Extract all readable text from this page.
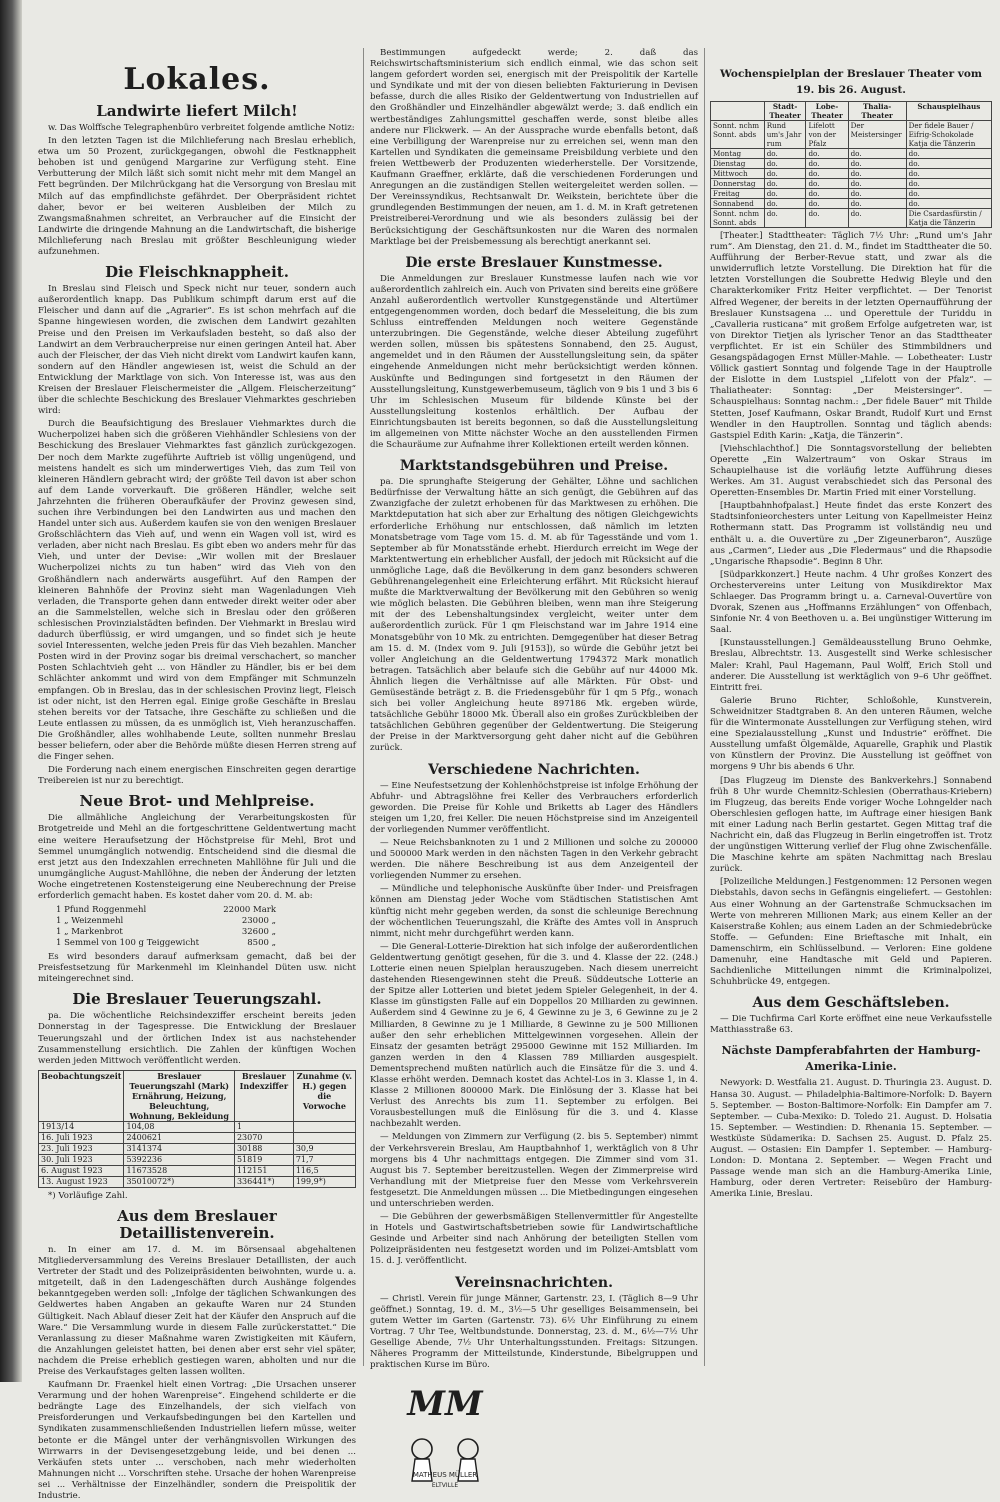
Lokales.
Landwirte liefert Milch!

w. Das Wolffsche Telegraphenbüro verbreitet folgende amtliche Notiz:

In den letzten Tagen ist die Milchlieferung nach Breslau erheblich, etwa um 50 Prozent, zurückgegangen, obwohl die Festknappheit behoben ist und genügend Margarine zur Verfügung steht. Eine Verbutterung der Milch läßt sich somit nicht mehr mit dem Mangel an Fett begründen. Der Milchrückgang hat die Versorgung von Breslau mit Milch auf das empfindlichste gefährdet. Der Oberpräsident richtet daher, bevor er bei weiteren Ausbleiben der Milch zu Zwangsmaßnahmen schreitet, an Verbraucher auf die Einsicht der Landwirte die dringende Mahnung an die Landwirtschaft, die bisherige Milchlieferung nach Breslau mit größter Beschleunigung wieder aufzunehmen.

Die Fleischknappheit.

In Breslau sind Fleisch und Speck nicht nur teuer, sondern auch außerordentlich knapp. Das Publikum schimpft darum erst auf die Fleischer und dann auf die „Agrarier“. Es ist schon mehrfach auf die Spanne hingewiesen worden, die zwischen dem Landwirt gezahlten Preise und den Preisen im Verkaufsladen besteht, so daß also der Landwirt an dem Verbraucherpreise nur einen geringen Anteil hat. Aber auch der Fleischer, der das Vieh nicht direkt vom Landwirt kaufen kann, sondern auf den Händler angewiesen ist, weist die Schuld an der Entwicklung der Marktlage von sich. Von Interesse ist, was aus den Kreisen der Breslauer Fleischermeister die „Allgem. Fleischerzeitung“ über die schlechte Beschickung des Breslauer Viehmarktes geschrieben wird:

Durch die Beaufsichtigung des Breslauer Viehmarktes durch die Wucherpolizei haben sich die größeren Viehhändler Schlesiens von der Beschickung des Breslauer Viehmarktes fast gänzlich zurückgezogen. Der noch dem Markte zugeführte Auftrieb ist völlig ungenügend, und meistens handelt es sich um minderwertiges Vieh, das zum Teil von kleineren Händlern gebracht wird; der größte Teil davon ist aber schon auf dem Lande vorverkauft. Die größeren Händler, welche seit Jahrzehnten die früheren Oberaufkäufer der Provinz gewesen sind, suchen ihre Verbindungen bei den Landwirten aus und machen den Handel unter sich aus. Außerdem kaufen sie von den wenigen Breslauer Großschlächtern das Vieh auf, und wenn ein Wagen voll ist, wird es verladen, aber nicht nach Breslau. Es gibt eben wo anders mehr für das Vieh, und unter der Devise: „Wir wollen mit der Breslauer Wucherpolizei nichts zu tun haben“ wird das Vieh von den Großhändlern nach anderwärts ausgeführt. Auf den Rampen der kleineren Bahnhöfe der Provinz sieht man Wagenladungen Vieh verladen, die Transporte gehen dann entweder direkt weiter oder aber an die Sammelstellen, welche sich in Breslau oder den größeren schlesischen Provinzialstädten befinden. Der Viehmarkt in Breslau wird dadurch überflüssig, er wird umgangen, und so findet sich je heute soviel Interessenten, welche jeden Preis für das Vieh bezahlen. Mancher Posten wird in der Provinz sogar bis dreimal verschachert, so mancher Posten Schlachtvieh geht ... von Händler zu Händler, bis er bei dem Schlächter ankommt und wird von dem Empfänger mit Schmunzeln empfangen. Ob in Breslau, das in der schlesischen Provinz liegt, Fleisch ist oder nicht, ist den Herren egal. Einige große Geschäfte in Breslau stehen bereits vor der Tatsache, ihre Geschäfte zu schließen und die Leute entlassen zu müssen, da es unmöglich ist, Vieh heranzuschaffen. Die Großhändler, alles wohlhabende Leute, sollten nunmehr Breslau besser beliefern, oder aber die Behörde müßte diesen Herren streng auf die Finger sehen.

Die Forderung nach einem energischen Einschreiten gegen derartige Treibereien ist nur zu berechtigt.

Neue Brot- und Mehlpreise.

Die allmähliche Angleichung der Verarbeitungskosten für Brotgetreide und Mehl an die fortgeschrittene Geldentwertung macht eine weitere Heraufsetzung der Höchstpreise für Mehl, Brot und Semmel unumgänglich notwendig. Entscheidend sind die diesmal die erst jetzt aus den Indexzahlen errechneten Mahllöhne für Juli und die unumgängliche August-Mahllöhne, die neben der Änderung der letzten Woche eingetretenen Kostensteigerung eine Neuberechnung der Preise erforderlich gemacht haben. Es kostet daher vom 20. d. M. ab:

1 Pfund Roggenmehl	22000 Mark
1 „ Weizenmehl	23000 „
1 „ Markenbrot	32600 „
1 Semmel von 100 g Teiggewicht	8500 „

Es wird besonders darauf aufmerksam gemacht, daß bei der Preisfestsetzung für Markenmehl im Kleinhandel Düten usw. nicht miteingerechnet sind.

Die Breslauer Teuerungszahl.

pa. Die wöchentliche Reichsindexziffer erscheint bereits jeden Donnerstag in der Tagespresse. Die Entwicklung der Breslauer Teuerungszahl und der örtlichen Index ist aus nachstehender Zusammenstellung ersichtlich. Die Zahlen der künftigen Wochen werden jeden Mittwoch veröffentlicht werden.

Beobachtungszeit	Breslauer Teuerungszahl (Mark) Ernährung, Heizung, Beleuchtung, Wohnung, Bekleidung	Breslauer Indexziffer	Zunahme (v. H.) gegen die Vorwoche
1913/14	104,08	1	
16. Juli 1923	2400621	23070	
23. Juli 1923	3141374	30188	30,9
30. Juli 1923	5392236	51819	71,7
6. August 1923	11673528	112151	116,5
13. August 1923	35010072*)	336441*)	199,9*)

*) Vorläufige Zahl.

Aus dem Breslauer Detaillistenverein.

n. In einer am 17. d. M. im Börsensaal abgehaltenen Mitgliederversammlung des Vereins Breslauer Detaillisten, der auch Vertreter der Stadt und des Polizeipräsidenten beiwohnten, wurde u. a. mitgeteilt, daß in den Ladengeschäften durch Aushänge folgendes bekanntgegeben werden soll: „Infolge der täglichen Schwankungen des Geldwertes haben Angaben an gekaufte Waren nur 24 Stunden Gültigkeit. Nach Ablauf dieser Zeit hat der Käufer den Anspruch auf die Ware.“ Die Versammlung wurde in diesem Falle zurückerstattet.“ Die Veranlassung zu dieser Maßnahme waren Zwistigkeiten mit Käufern, die Anzahlungen geleistet hatten, bei denen aber erst sehr viel später, nachdem die Preise erheblich gestiegen waren, abholten und nur die Preise des Verkaufstages gelten lassen wollten.

Kaufmann Dr. Fraenkel hielt einen Vortrag: „Die Ursachen unserer Verarmung und der hohen Warenpreise“. Eingehend schilderte er die bedrängte Lage des Einzelhandels, der sich vielfach von Preisforderungen und Verkaufsbedingungen bei den Kartellen und Syndikaten zusammenschließenden Industriellen liefern müsse, weiter betonte er die Mängel unter der verhängnisvollen Wirkungen des Wirrwarrs in der Devisengesetzgebung leide, und bei denen ... Verkäufen stets unter ... verschoben, nach mehr wiederholten Mahnungen nicht ... Vorschriften stehe. Ursache der hohen Warenpreise sei ... Verhältnisse der Einzelhändler, sondern die Preispolitik der Industrie.

Bestimmungen aufgedeckt werde; 2. daß das Reichswirtschaftsministerium sich endlich einmal, wie das schon seit langem gefordert worden sei, energisch mit der Preispolitik der Kartelle und Syndikate und mit der von diesen beliebten Fakturierung in Devisen befasse, durch die alles Risiko der Geldentwertung von Industriellen auf den Großhändler und Einzelhändler abgewälzt werde; 3. daß endlich ein wertbeständiges Zahlungsmittel geschaffen werde, sonst bleibe alles andere nur Flickwerk. — An der Aussprache wurde ebenfalls betont, daß eine Verbilligung der Warenpreise nur zu erreichen sei, wenn man den Kartellen und Syndikaten die gemeinsame Preisbildung verbiete und den freien Wettbewerb der Produzenten wiederherstelle. Der Vorsitzende, Kaufmann Graeffner, erklärte, daß die verschiedenen Forderungen und Anregungen an die zuständigen Stellen weitergeleitet werden sollen. — Der Vereinssyndikus, Rechtsanwalt Dr. Weikstein, berichtete über die grundlegenden Bestimmungen der neuen, am 1. d. M. in Kraft getretenen Preistreiberei-Verordnung und wie als besonders zulässig bei der Berücksichtigung der Geschäftsunkosten nur die Waren des normalen Marktlage bei der Preisbemessung als berechtigt anerkannt sei.

Die erste Breslauer Kunstmesse.

Die Anmeldungen zur Breslauer Kunstmesse laufen nach wie vor außerordentlich zahlreich ein. Auch von Privaten sind bereits eine größere Anzahl außerordentlich wertvoller Kunstgegenstände und Altertümer entgegengenommen worden, doch bedarf die Messeleitung, die bis zum Schluss eintreffenden Meldungen noch weitere Gegenstände unterzubringen. Die Gegenstände, welche dieser Abteilung zugeführt werden sollen, müssen bis spätestens Sonnabend, den 25. August, angemeldet und in den Räumen der Ausstellungsleitung sein, da später eingehende Anmeldungen nicht mehr berücksichtigt werden können. Auskünfte und Bedingungen sind fortgesetzt in den Räumen der Ausstellungsleitung, Kunstgewerbemuseum, täglich von 9 bis 1 und 3 bis 6 Uhr im Schlesischen Museum für bildende Künste bei der Ausstellungsleitung kostenlos erhältlich. Der Aufbau der Einrichtungsbauten ist bereits begonnen, so daß die Ausstellungsleitung im allgemeinen von Mitte nächster Woche an den ausstellenden Firmen die Schauräume zur Aufnahme ihrer Kollektionen erteilt werden können.

Marktstandsgebühren und Preise.

pa. Die sprunghafte Steigerung der Gehälter, Löhne und sachlichen Bedürfnisse der Verwaltung hätte an sich genügt, die Gebühren auf das Zwanzigfache der zuletzt erhobenen für das Marktwesen zu erhöhen. Die Marktdeputation hat sich aber zur Erhaltung des nötigen Gleichgewichts erforderliche Erhöhung nur entschlossen, daß nämlich im letzten Monatsbetrage vom Tage vom 15. d. M. ab für Tagesstände und vom 1. September ab für Monatsstände erhebt. Hierdurch erreicht im Wege der Marktentwertung ein erheblicher Ausfall, der jedoch mit Rücksicht auf die unmögliche Lage, daß die Bevölkerung in dem ganz besonders schweren Gebührenangelegenheit eine Erleichterung erfährt. Mit Rücksicht hierauf mußte die Marktverwaltung der Bevölkerung mit den Gebühren so wenig wie möglich belasten. Die Gebühren bleiben, wenn man ihre Steigerung mit der des Lebenshaltungsindex vergleicht, weiter unter dem außerordentlich zurück. Für 1 qm Fleischstand war im Jahre 1914 eine Monatsgebühr von 10 Mk. zu entrichten. Demgegenüber hat dieser Betrag am 15. d. M. (Index vom 9. Juli [9153]), so würde die Gebühr jetzt bei voller Angleichung an die Geldentwertung 1794372 Mark monatlich betragen. Tatsächlich aber belaufe sich die Gebühr auf nur 44000 Mk. Ähnlich liegen die Verhältnisse auf alle Märkten. Für Obst- und Gemüsestände beträgt z. B. die Friedensgebühr für 1 qm 5 Pfg., wonach sich bei voller Angleichung heute 897186 Mk. ergeben würde, tatsächliche Gebühr 18000 Mk. Überall also ein großes Zurückbleiben der tatsächlichen Gebühren gegenüber der Geldentwertung. Die Steigerung der Preise in der Marktversorgung geht daher nicht auf die Gebühren zurück.

Verschiedene Nachrichten.

— Eine Neufestsetzung der Kohlenhöchstpreise ist infolge Erhöhung der Abfuhr- und Abtragslöhne frei Keller des Verbrauchers erforderlich geworden. Die Preise für Kohle und Briketts ab Lager des Händlers steigen um 1,20, frei Keller. Die neuen Höchstpreise sind im Anzeigenteil der vorliegenden Nummer veröffentlicht.

— Neue Reichsbanknoten zu 1 und 2 Millionen und solche zu 200000 und 500000 Mark werden in den nächsten Tagen in den Verkehr gebracht werden. Die nähere Beschreibung ist aus dem Anzeigenteil der vorliegenden Nummer zu ersehen.

— Mündliche und telephonische Auskünfte über Inder- und Preisfragen können am Dienstag jeder Woche vom Städtischen Statistischen Amt künftig nicht mehr gegeben werden, da sonst die schleunige Berechnung der wöchentlichen Teuerungszahl, die Kräfte des Amtes voll in Anspruch nimmt, nicht mehr durchgeführt werden kann.

— Die General-Lotterie-Direktion hat sich infolge der außerordentlichen Geldentwertung genötigt gesehen, für die 3. und 4. Klasse der 22. (248.) Lotterie einen neuen Spielplan herauszugeben. Nach diesem unerreicht dastehenden Riesengewinnen steht die Preuß. Süddeutsche Lotterie an der Spitze aller Lotterien und bietet jedem Spieler Gelegenheit, in der 4. Klasse im günstigsten Falle auf ein Doppellos 20 Milliarden zu gewinnen. Außerdem sind 4 Gewinne zu je 6, 4 Gewinne zu je 3, 6 Gewinne zu je 2 Milliarden, 8 Gewinne zu je 1 Milliarde, 8 Gewinne zu je 500 Millionen außer den sehr erheblichen Mittelgewinnen vorgesehen. Allein der Einsatz der gesamten beträgt 295000 Gewinne mit 152 Milliarden. Im ganzen werden in den 4 Klassen 789 Milliarden ausgespielt. Dementsprechend mußten natürlich auch die Einsätze für die 3. und 4. Klasse erhöht werden. Demnach kostet das Achtel-Los in 3. Klasse 1, in 4. Klasse 2 Millionen 800000 Mark. Die Einlösung der 3. Klasse hat bei Verlust des Anrechts bis zum 11. September zu erfolgen. Bei Vorausbestellungen muß die Einlösung für die 3. und 4. Klasse nachbezahlt werden.

— Meldungen von Zimmern zur Verfügung (2. bis 5. September) nimmt der Verkehrsverein Breslau, Am Hauptbahnhof 1, werktäglich von 8 Uhr morgens bis 4 Uhr nachmittags entgegen. Die Zimmer sind vom 31. August bis 7. September bereitzustellen. Wegen der Zimmerpreise wird Verhandlung mit der Mietpreise fuer den Messe vom Verkehrsverein festgesetzt. Die Anmeldungen müssen ... Die Mietbedingungen eingesehen und unterschrieben werden.

— Die Gebühren der gewerbsmäßigen Stellenvermittler für Angestellte in Hotels und Gastwirtschaftsbetrieben sowie für Landwirtschaftliche Gesinde und Arbeiter sind nach Anhörung der beteiligten Stellen vom Polizeipräsidenten neu festgesetzt worden und im Polizei-Amtsblatt vom 15. d. J. veröffentlicht.

Vereinsnachrichten.

— Christl. Verein für junge Männer, Gartenstr. 23, I. (Täglich 8—9 Uhr geöffnet.) Sonntag, 19. d. M., 3½—5 Uhr geselliges Beisammensein, bei gutem Wetter im Garten (Gartenstr. 73). 6½ Uhr Einführung zu einem Vortrag. 7 Uhr Tee, Weltbundstunde. Donnerstag, 23. d. M., 6½—7½ Uhr Gesellige Abende, 7½ Uhr Unterhaltungsstunden. Freitags: Sitzungen. Näheres Programm der Mitteilstunde, Kinderstunde, Bibelgruppen und praktischen Kurse im Büro.

MM
MATHEUS MÜLLER
ELTVILLE
Wochenspielplan der Breslauer Theater vom 19. bis 26. August.
	Stadt-Theater	Lobe-Theater	Thalia-Theater	Schauspielhaus
Sonnt. nchm Sonnt. abds	Rund um's Jahr rum	Lifelott von der Pfalz	Der Meistersinger	Der fidele Bauer / Eifrig-Schokolade Katja die Tänzerin
Montag	do.	do.	do.	do.
Dienstag	do.	do.	do.	do.
Mittwoch	do.	do.	do.	do.
Donnerstag	do.	do.	do.	do.
Freitag	do.	do.	do.	do.
Sonnabend	do.	do.	do.	do.
Sonnt. nchm Sonnt. abds	do.	do.	do.	Die Csardasfürstin / Katja die Tänzerin

[Theater.] Stadttheater: Täglich 7½ Uhr: „Rund um's Jahr rum“. Am Dienstag, den 21. d. M., findet im Stadttheater die 50. Aufführung der Berber-Revue statt, und zwar als die unwiderruflich letzte Vorstellung. Die Direktion hat für die letzten Vorstellungen die Soubrette Hedwig Bleyle und den Charakterkomiker Fritz Heiter verpflichtet. — Der Tenorist Alfred Wegener, der bereits in der letzten Opernaufführung der Breslauer Kunstsagena ... und Operettule der Turiddu in „Cavalleria rusticana“ mit großem Erfolge aufgetreten war, ist von Direktor Tietjen als lyrischer Tenor an das Stadttheater verpflichtet. Er ist ein Schüler des Stimmbildners und Gesangspädagogen Ernst Müller-Mahle. — Lobetheater: Lustr Völlick gastiert Sonntag und folgende Tage in der Hauptrolle der Eislotte in dem Lustspiel „Lifelott von der Pfalz“. — Thaliatheater: Sonntag: „Der Meistersinger“. — Schauspielhaus: Sonntag nachm.: „Der fidele Bauer“ mit Thilde Stetten, Josef Kaufmann, Oskar Brandt, Rudolf Kurt und Ernst Wendler in den Hauptrollen. Sonntag und täglich abends: Gastspiel Edith Karin: „Katja, die Tänzerin“.

[Viehschlachthof.] Die Sonntagsvorstellung der beliebten Operette „Ein Walzertraum“ von Oskar Straus im Schaupielhause ist die vorläufig letzte Aufführung dieses Werkes. Am 31. August verabschiedet sich das Personal des Operetten-Ensembles Dr. Martin Fried mit einer Vorstellung.

[Hauptbahnhofpalast.] Heute findet das erste Konzert des Stadtsinfonieorchesters unter Leitung von Kapellmeister Heinz Rothermann statt. Das Programm ist vollständig neu und enthält u. a. die Ouvertüre zu „Der Zigeunerbaron“, Auszüge aus „Carmen“, Lieder aus „Die Fledermaus“ und die Rhapsodie „Ungarische Rhapsodie“. Beginn 8 Uhr.

[Südparkkonzert.] Heute nachm. 4 Uhr großes Konzert des Orchestervereins unter Leitung von Musikdirektor Max Schlaeger. Das Programm bringt u. a. Carneval-Ouvertüre von Dvorak, Szenen aus „Hoffmanns Erzählungen“ von Offenbach, Sinfonie Nr. 4 von Beethoven u. a. Bei ungünstiger Witterung im Saal.

[Kunstausstellungen.] Gemäldeausstellung Bruno Oehmke, Breslau, Albrechtstr. 13. Ausgestellt sind Werke schlesischer Maler: Krahl, Paul Hagemann, Paul Wolff, Erich Stoll und anderer. Die Ausstellung ist werktäglich von 9–6 Uhr geöffnet. Eintritt frei.

Galerie Bruno Richter, Schloßohle, Kunstverein, Schweidnitzer Stadtgraben 8. An den unteren Räumen, welche für die Wintermonate Ausstellungen zur Verfügung stehen, wird eine Spezialausstellung „Kunst und Industrie“ eröffnet. Die Ausstellung umfaßt Ölgemälde, Aquarelle, Graphik und Plastik von Künstlern der Provinz. Die Ausstellung ist geöffnet von morgens 9 Uhr bis abends 6 Uhr.

[Das Flugzeug im Dienste des Bankverkehrs.] Sonnabend früh 8 Uhr wurde Chemnitz-Schlesien (Oberrathaus-Kriebern) im Flugzeug, das bereits Ende voriger Woche Lohngelder nach Oberschlesien geflogen hatte, im Auftrage einer hiesigen Bank mit einer Ladung nach Berlin gestartet. Gegen Mittag traf die Nachricht ein, daß das Flugzeug in Berlin eingetroffen ist. Trotz der ungünstigen Witterung verlief der Flug ohne Zwischenfälle. Die Maschine kehrte am späten Nachmittag nach Breslau zurück.

[Polizeiliche Meldungen.] Festgenommen: 12 Personen wegen Diebstahls, davon sechs in Gefängnis eingeliefert. — Gestohlen: Aus einer Wohnung an der Gartenstraße Schmucksachen im Werte von mehreren Millionen Mark; aus einem Keller an der Kaiserstraße Kohlen; aus einem Laden an der Schmiedebrücke Stoffe. — Gefunden: Eine Brieftasche mit Inhalt, ein Damenschirm, ein Schlüsselbund. — Verloren: Eine goldene Damenuhr, eine Handtasche mit Geld und Papieren. Sachdienliche Mitteilungen nimmt die Kriminalpolizei, Schuhbrücke 49, entgegen.

Aus dem Geschäftsleben.

— Die Tuchfirma Carl Korte eröffnet eine neue Verkaufsstelle Matthiasstraße 63.

Nächste Dampferabfahrten der Hamburg-Amerika-Linie.

Newyork: D. Westfalia 21. August. D. Thuringia 23. August. D. Hansa 30. August. — Philadelphia-Baltimore-Norfolk: D. Bayern 5. September. — Boston-Baltimore-Norfolk: Ein Dampfer am 7. September. — Cuba-Mexiko: D. Toledo 21. August. D. Holsatia 15. September. — Westindien: D. Rhenania 15. September. — Westküste Südamerika: D. Sachsen 25. August. D. Pfalz 25. August. — Ostasien: Ein Dampfer 1. September. — Hamburg-London: D. Montana 2. September. — Wegen Fracht und Passage wende man sich an die Hamburg-Amerika Linie, Hamburg, oder deren Vertreter: Reisebüro der Hamburg-Amerika Linie, Breslau.
